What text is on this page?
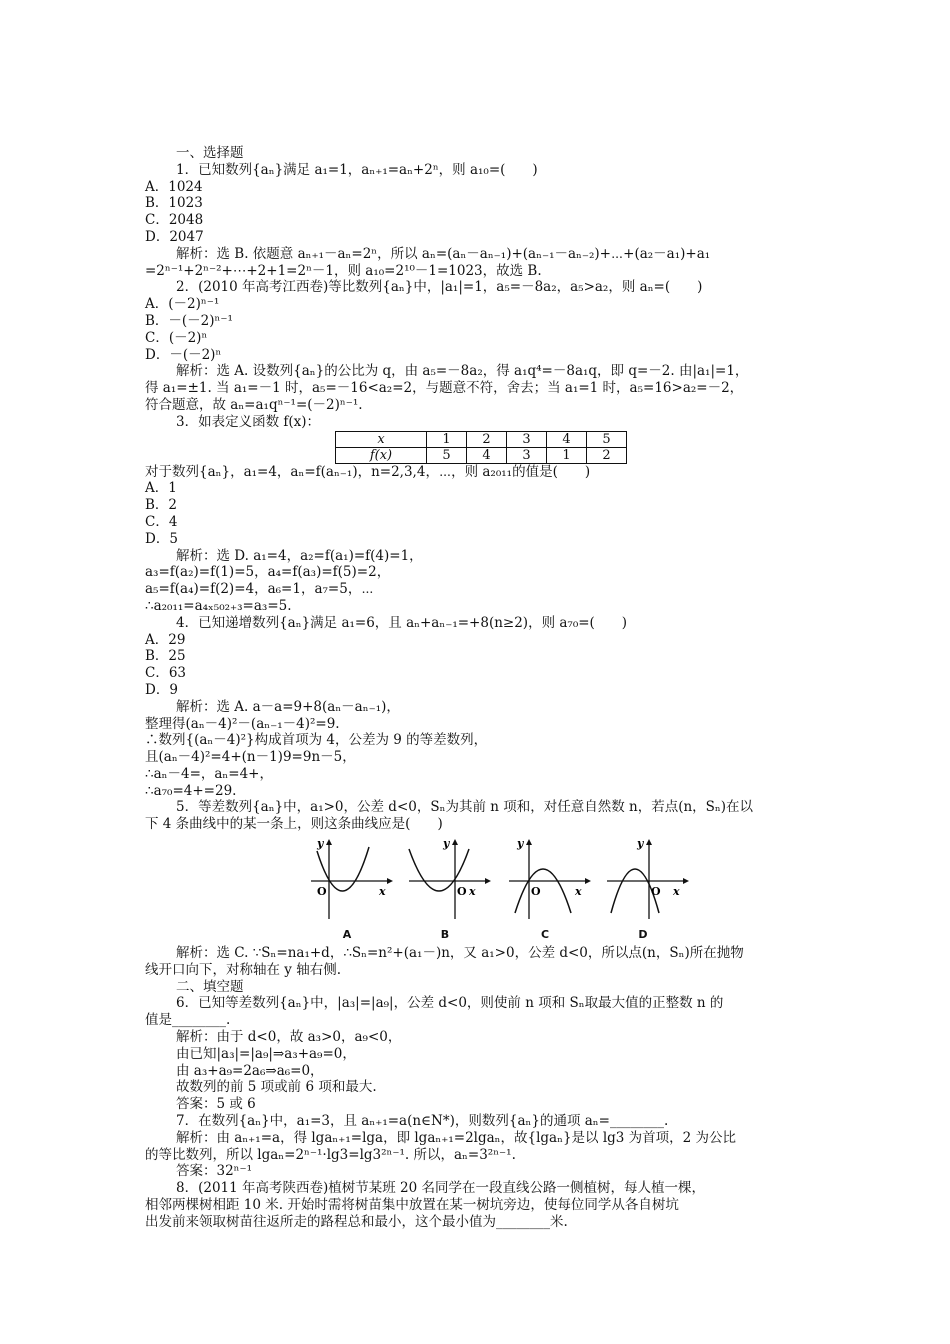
一、选择题
1．已知数列{aₙ}满足 a₁=1，aₙ₊₁=aₙ+2ⁿ，则 a₁₀=(　　)
A．1024
B．1023
C．2048
D．2047
解析：选 B. 依题意 aₙ₊₁－aₙ=2ⁿ，所以 aₙ=(aₙ－aₙ₋₁)+(aₙ₋₁－aₙ₋₂)+⋯+(a₂－a₁)+a₁
=2ⁿ⁻¹+2ⁿ⁻²+⋯+2+1=2ⁿ－1，则 a₁₀=2¹⁰－1=1023，故选 B.
2．(2010 年高考江西卷)等比数列{aₙ}中，|a₁|=1，a₅=－8a₂，a₅>a₂，则 aₙ=(　　)
A．(－2)ⁿ⁻¹
B．－(－2)ⁿ⁻¹
C．(－2)ⁿ
D．－(－2)ⁿ
解析：选 A. 设数列{aₙ}的公比为 q，由 a₅=－8a₂，得 a₁q⁴=－8a₁q，即 q=－2. 由|a₁|=1，
得 a₁=±1. 当 a₁=－1 时，a₅=－16<a₂=2，与题意不符，舍去；当 a₁=1 时，a₅=16>a₂=－2，
符合题意，故 aₙ=a₁qⁿ⁻¹=(－2)ⁿ⁻¹.
3．如表定义函数 f(x)：
x	1	2	3	4	5
f(x)	5	4	3	1	2
对于数列{aₙ}，a₁=4，aₙ=f(aₙ₋₁)，n=2,3,4，⋯，则 a₂₀₁₁的值是(　　)
A．1
B．2
C．4
D．5
解析：选 D. a₁=4，a₂=f(a₁)=f(4)=1，
a₃=f(a₂)=f(1)=5，a₄=f(a₃)=f(5)=2，
a₅=f(a₄)=f(2)=4，a₆=1，a₇=5，⋯
∴a₂₀₁₁=a₄ₓ₅₀₂₊₃=a₃=5.
4．已知递增数列{aₙ}满足 a₁=6，且 aₙ+aₙ₋₁=+8(n≥2)，则 a₇₀=(　　)
A．29
B．25
C．63
D．9
解析：选 A. a－a=9+8(aₙ－aₙ₋₁)，
整理得(aₙ－4)²－(aₙ₋₁－4)²=9.
∴数列{(aₙ－4)²}构成首项为 4，公差为 9 的等差数列，
且(aₙ－4)²=4+(n－1)9=9n－5，
∴aₙ－4=，aₙ=4+，
∴a₇₀=4+=29.
5．等差数列{aₙ}中，a₁>0，公差 d<0，Sₙ为其前 n 项和，对任意自然数 n，若点(n，Sₙ)在以
下 4 条曲线中的某一条上，则这条曲线应是(　　)
y
x
O
A
y
x
O
B
y
x
O
C
y
x
O
D
解析：选 C. ∵Sₙ=na₁+d，∴Sₙ=n²+(a₁－)n，又 a₁>0，公差 d<0，所以点(n，Sₙ)所在抛物
线开口向下，对称轴在 y 轴右侧.
二、填空题
6．已知等差数列{aₙ}中，|a₃|=|a₉|，公差 d<0，则使前 n 项和 Sₙ取最大值的正整数 n 的
值是________.
解析：由于 d<0，故 a₃>0，a₉<0，
由已知|a₃|=|a₉|⇒a₃+a₉=0，
由 a₃+a₉=2a₆⇒a₆=0，
故数列的前 5 项或前 6 项和最大.
答案：5 或 6
7．在数列{aₙ}中，a₁=3，且 aₙ₊₁=a(n∈N*)，则数列{aₙ}的通项 aₙ=________.
解析：由 aₙ₊₁=a，得 lgaₙ₊₁=lga，即 lgaₙ₊₁=2lgaₙ，故{lgaₙ}是以 lg3 为首项，2 为公比
的等比数列，所以 lgaₙ=2ⁿ⁻¹·lg3=lg3²ⁿ⁻¹. 所以，aₙ=3²ⁿ⁻¹.
答案：32ⁿ⁻¹
8．(2011 年高考陕西卷)植树节某班 20 名同学在一段直线公路一侧植树，每人植一棵，
相邻两棵树相距 10 米. 开始时需将树苗集中放置在某一树坑旁边，使每位同学从各自树坑
出发前来领取树苗往返所走的路程总和最小，这个最小值为________米.
